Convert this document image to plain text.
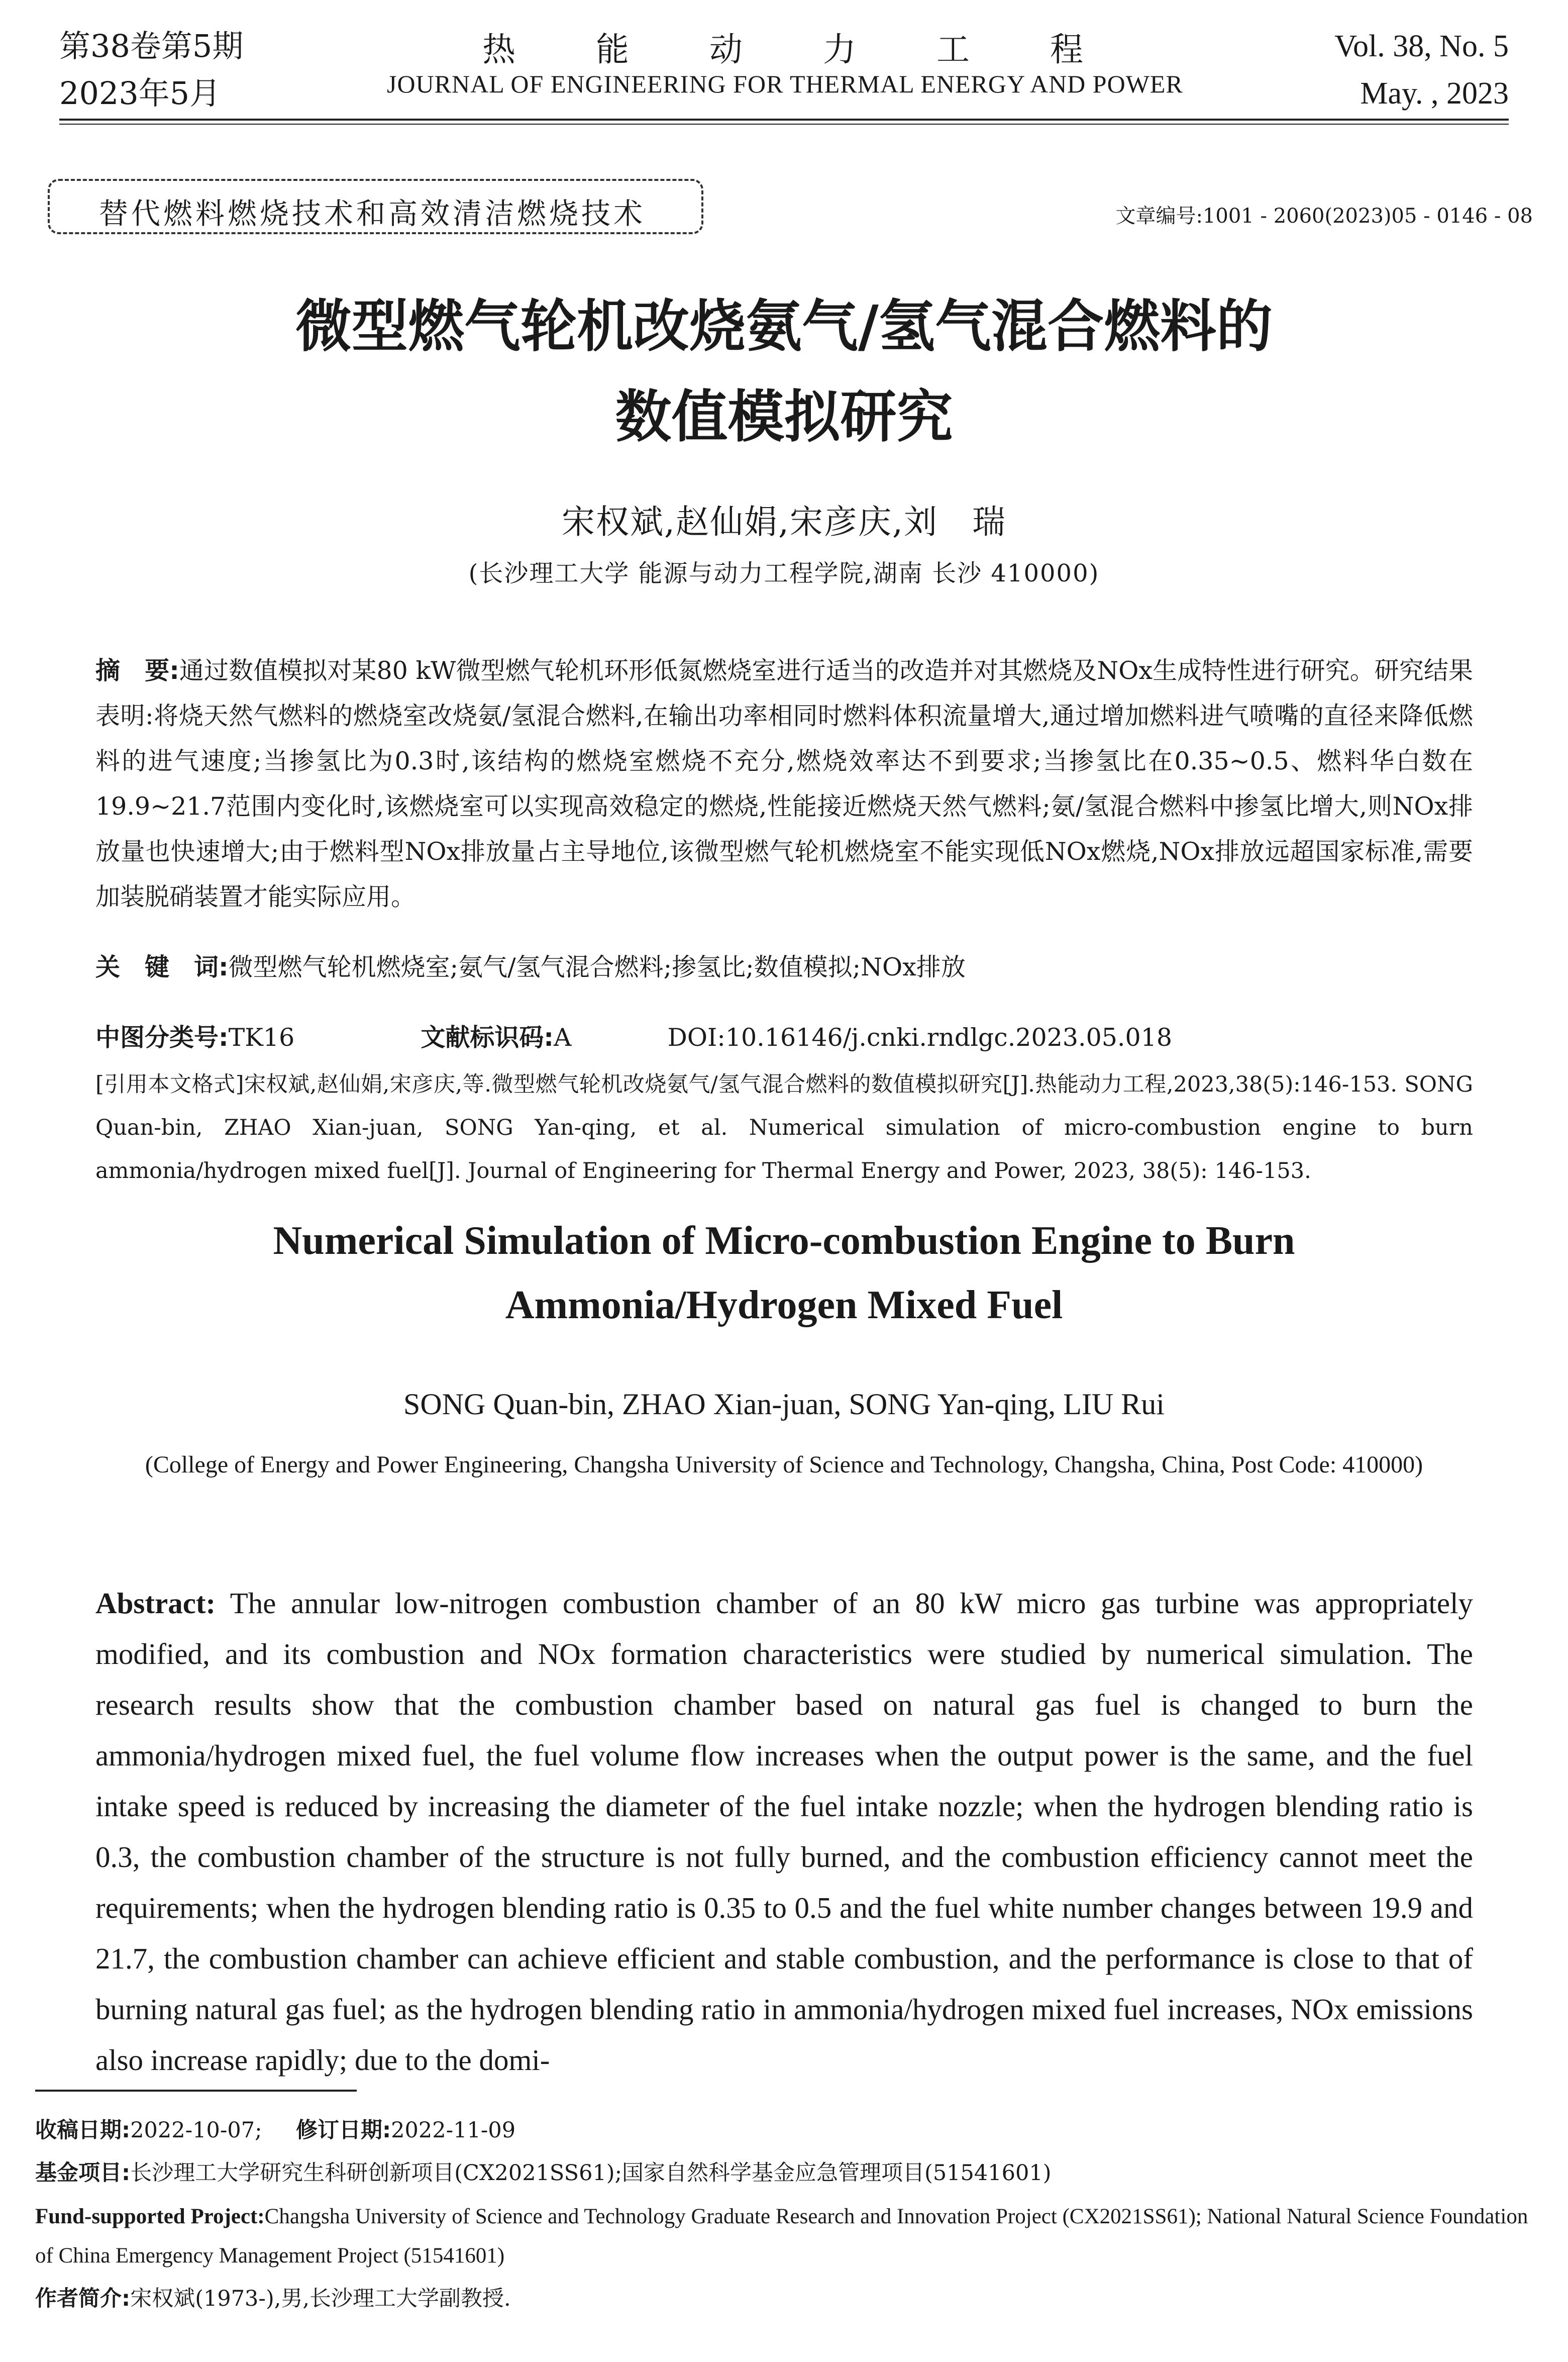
第38卷第5期
2023年5月
热能动力工程
JOURNAL OF ENGINEERING FOR THERMAL ENERGY AND POWER
Vol. 38, No. 5
May. , 2023
替代燃料燃烧技术和高效清洁燃烧技术	文章编号:1001 - 2060(2023)05 - 0146 - 08
微型燃气轮机改烧氨气/氢气混合燃料的
数值模拟研究
宋权斌,赵仙娟,宋彦庆,刘　瑞
(长沙理工大学 能源与动力工程学院,湖南 长沙 410000)
摘　要:通过数值模拟对某80 kW微型燃气轮机环形低氮燃烧室进行适当的改造并对其燃烧及NOx生成特性进行研究。研究结果表明:将烧天然气燃料的燃烧室改烧氨/氢混合燃料,在输出功率相同时燃料体积流量增大,通过增加燃料进气喷嘴的直径来降低燃料的进气速度;当掺氢比为0.3时,该结构的燃烧室燃烧不充分,燃烧效率达不到要求;当掺氢比在0.35~0.5、燃料华白数在19.9~21.7范围内变化时,该燃烧室可以实现高效稳定的燃烧,性能接近燃烧天然气燃料;氨/氢混合燃料中掺氢比增大,则NOx排放量也快速增大;由于燃料型NOx排放量占主导地位,该微型燃气轮机燃烧室不能实现低NOx燃烧,NOx排放远超国家标准,需要加装脱硝装置才能实际应用。
关　键　词:微型燃气轮机燃烧室;氨气/氢气混合燃料;掺氢比;数值模拟;NOx排放
中图分类号:TK16	文献标识码:A	DOI:10.16146/j.cnki.rndlgc.2023.05.018
[引用本文格式]宋权斌,赵仙娟,宋彦庆,等.微型燃气轮机改烧氨气/氢气混合燃料的数值模拟研究[J].热能动力工程,2023,38(5):146-153. SONG Quan-bin, ZHAO Xian-juan, SONG Yan-qing, et al. Numerical simulation of micro-combustion engine to burn ammonia/hydrogen mixed fuel[J]. Journal of Engineering for Thermal Energy and Power, 2023, 38(5): 146-153.
Numerical Simulation of Micro-combustion Engine to Burn
Ammonia/Hydrogen Mixed Fuel
SONG Quan-bin, ZHAO Xian-juan, SONG Yan-qing, LIU Rui
(College of Energy and Power Engineering, Changsha University of Science and Technology, Changsha, China, Post Code: 410000)
Abstract: The annular low-nitrogen combustion chamber of an 80 kW micro gas turbine was appropriately modified, and its combustion and NOx formation characteristics were studied by numerical simulation. The research results show that the combustion chamber based on natural gas fuel is changed to burn the ammonia/hydrogen mixed fuel, the fuel volume flow increases when the output power is the same, and the fuel intake speed is reduced by increasing the diameter of the fuel intake nozzle; when the hydrogen blending ratio is 0.3, the combustion chamber of the structure is not fully burned, and the combustion efficiency cannot meet the requirements; when the hydrogen blending ratio is 0.35 to 0.5 and the fuel white number changes between 19.9 and 21.7, the combustion chamber can achieve efficient and stable combustion, and the performance is close to that of burning natural gas fuel; as the hydrogen blending ratio in ammonia/hydrogen mixed fuel increases, NOx emissions also increase rapidly; due to the domi-
收稿日期:2022-10-07; 修订日期:2022-11-09
基金项目:长沙理工大学研究生科研创新项目(CX2021SS61);国家自然科学基金应急管理项目(51541601)
Fund-supported Project:Changsha University of Science and Technology Graduate Research and Innovation Project (CX2021SS61); National Natural Science Foundation of China Emergency Management Project (51541601)
作者简介:宋权斌(1973-),男,长沙理工大学副教授.
